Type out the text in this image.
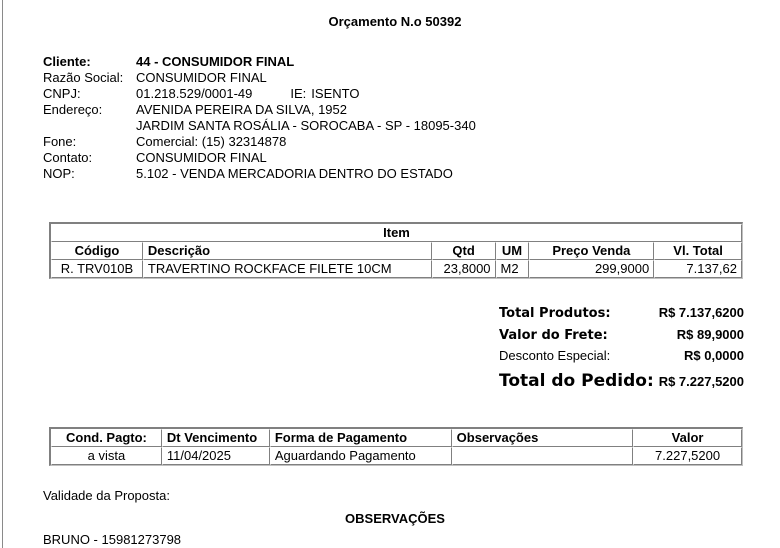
Orçamento N.o 50392
Cliente:	44 - CONSUMIDOR FINAL
Razão Social: CONSUMIDOR FINAL
CNPJ:	01.218.529/0001-49	IE: ISENTO
Endereço:	AVENIDA PEREIRA DA SILVA, 1952
JARDIM SANTA ROSÁLIA - SOROCABA - SP - 18095-340
Fone:	Comercial: (15) 32314878
Contato:	CONSUMIDOR FINAL
NOP:	5.102 - VENDA MERCADORIA DENTRO DO ESTADO
Item					
Código	Descrição	Qtd	UM	Preço Venda	Vl. Total
R. TRV010B	TRAVERTINO ROCKFACE FILETE 10CM	23,8000	M2	299,9000	7.137,62
Total Produtos:	R$ 7.137,6200
Valor do Frete:	R$ 89,9000
Desconto Especial:	R$ 0,0000
Total do Pedido: R$ 7.227,5200
Cond. Pagto:	Dt Vencimento	Forma de Pagamento	Observações	Valor
a vista	11/04/2025	Aguardando Pagamento		7.227,5200
Validade da Proposta:
OBSERVAÇÕES
BRUNO - 15981273798
